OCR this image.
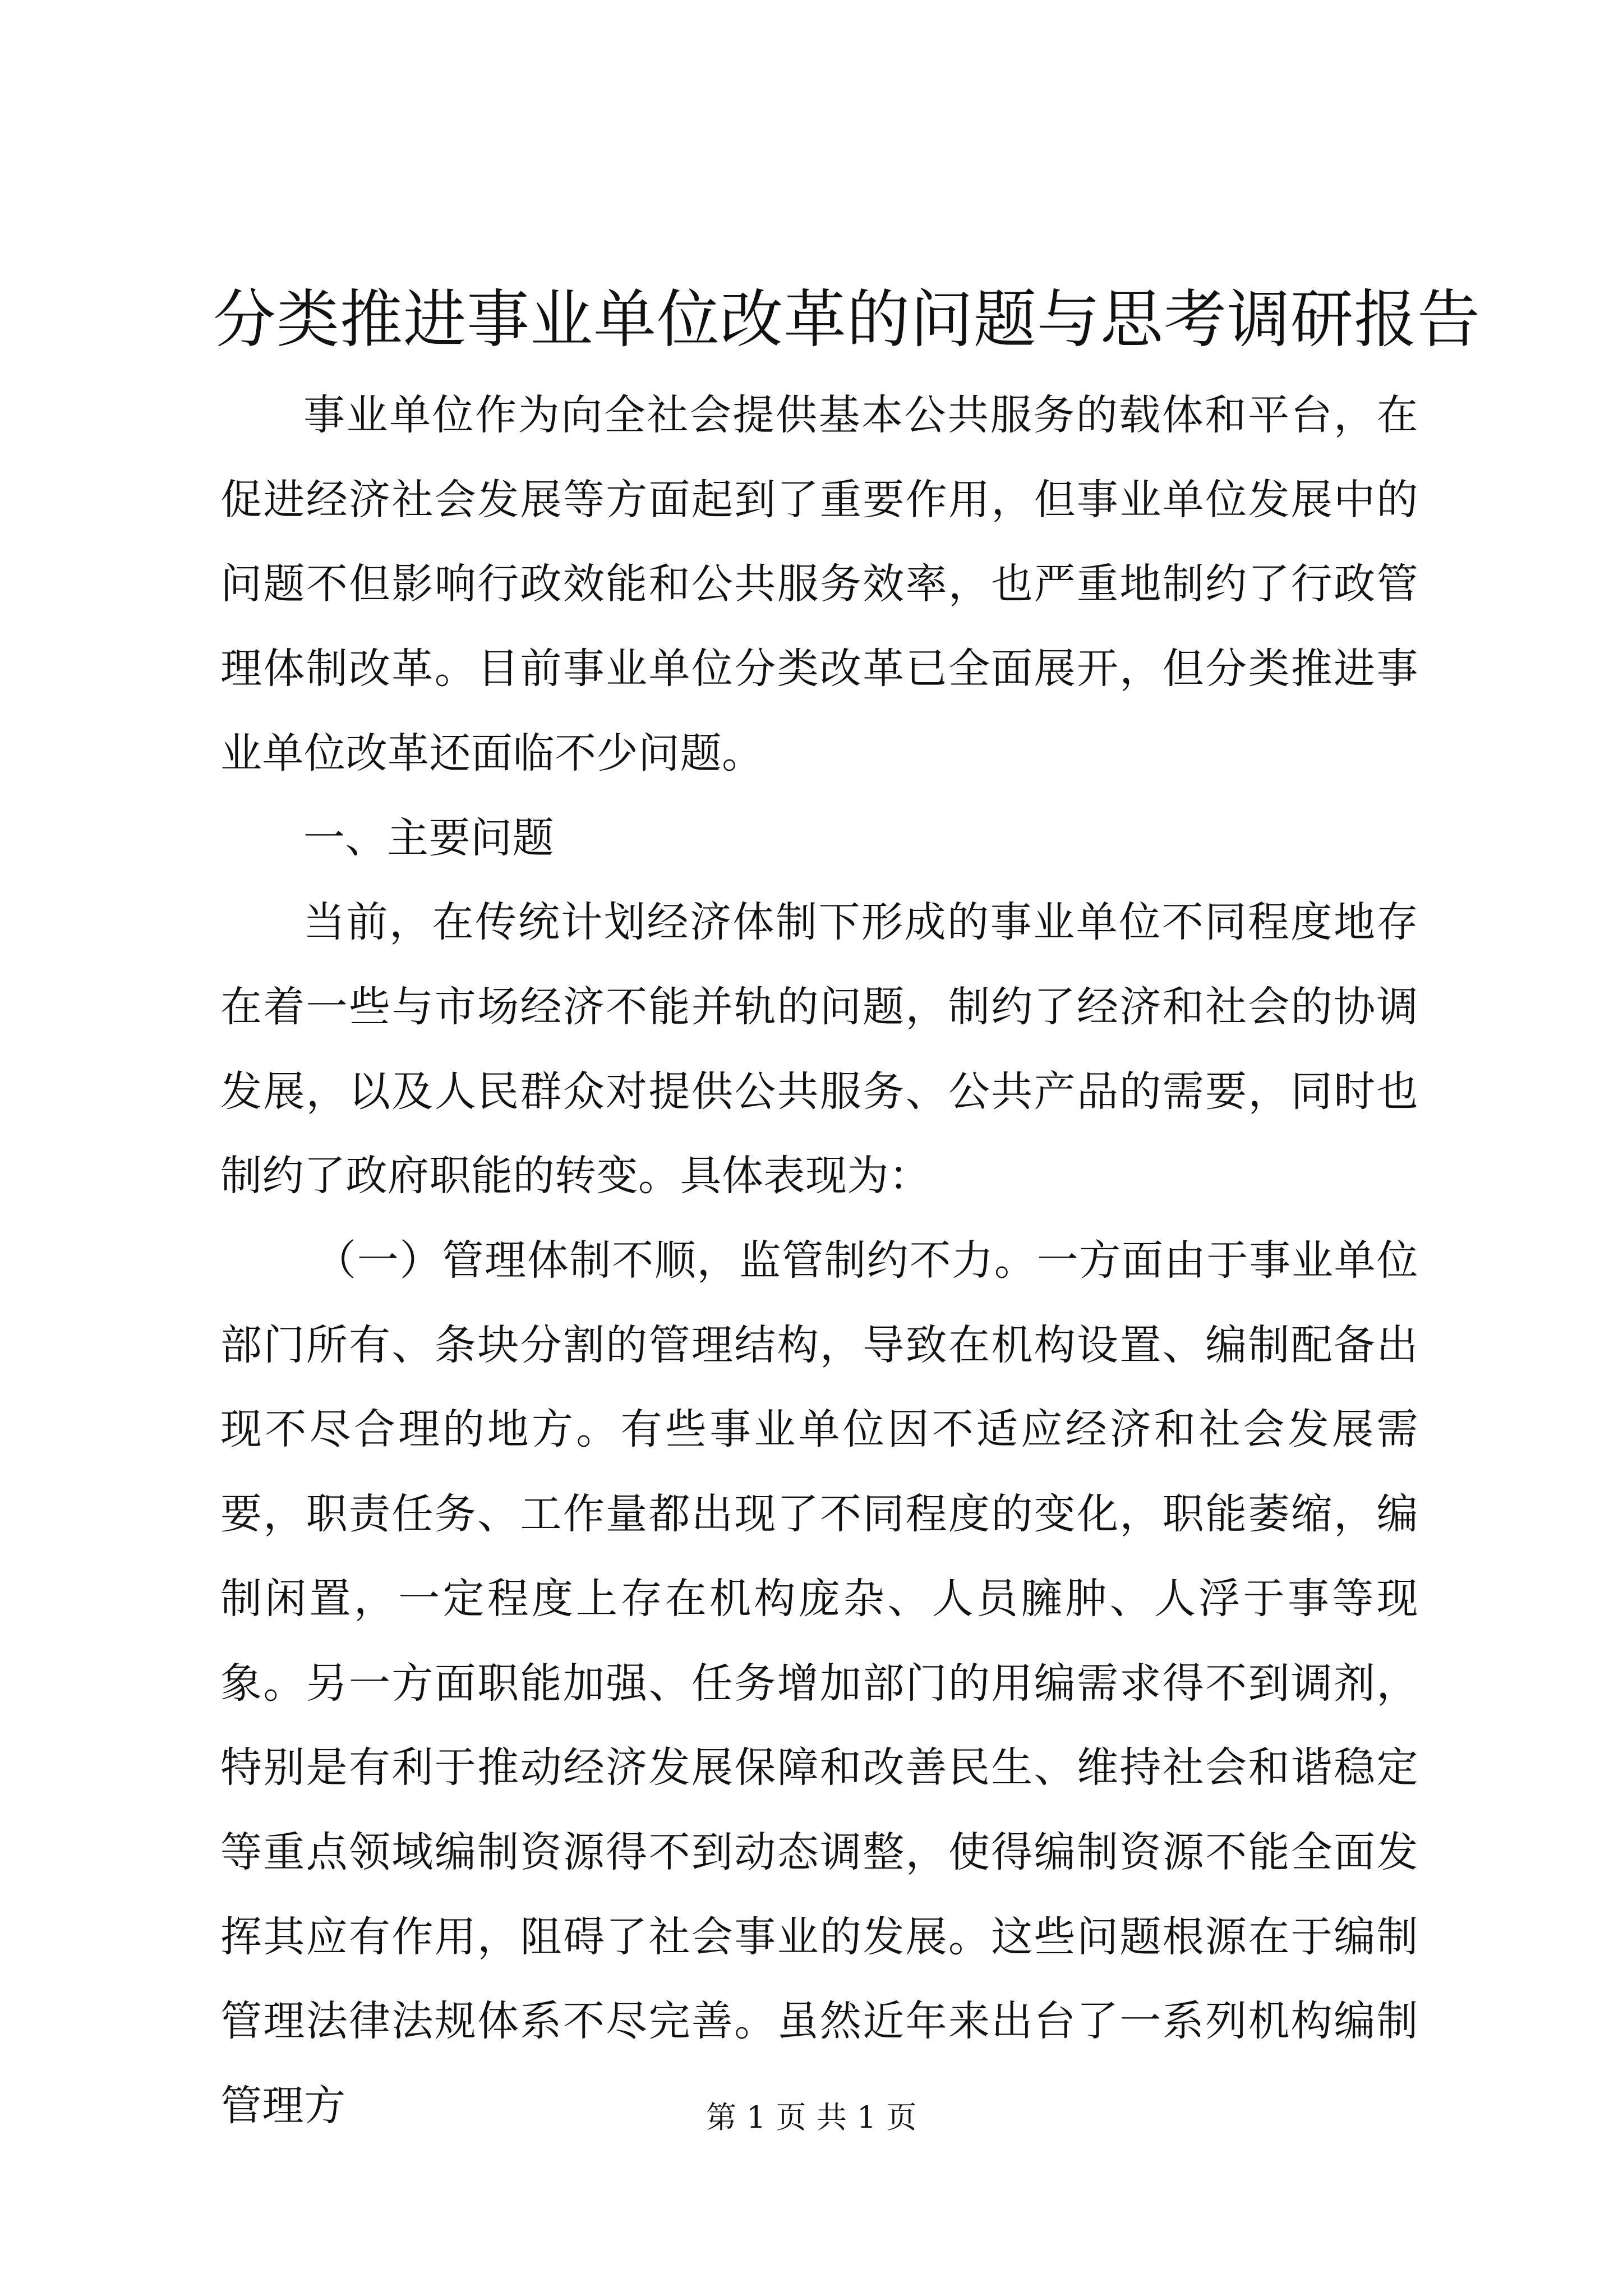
分类推进事业单位改革的问题与思考调研报告

事业单位作为向全社会提供基本公共服务的载体和平台，在促进经济社会发展等方面起到了重要作用，但事业单位发展中的问题不但影响行政效能和公共服务效率，也严重地制约了行政管理体制改革。目前事业单位分类改革已全面展开，但分类推进事业单位改革还面临不少问题。

一、主要问题

当前，在传统计划经济体制下形成的事业单位不同程度地存在着一些与市场经济不能并轨的问题，制约了经济和社会的协调发展，以及人民群众对提供公共服务、公共产品的需要，同时也制约了政府职能的转变。具体表现为：

（一）管理体制不顺，监管制约不力。一方面由于事业单位部门所有、条块分割的管理结构，导致在机构设置、编制配备出现不尽合理的地方。有些事业单位因不适应经济和社会发展需要，职责任务、工作量都出现了不同程度的变化，职能萎缩，编制闲置，一定程度上存在机构庞杂、人员臃肿、人浮于事等现象。另一方面职能加强、任务增加部门的用编需求得不到调剂，特别是有利于推动经济发展保障和改善民生、维持社会和谐稳定等重点领域编制资源得不到动态调整，使得编制资源不能全面发挥其应有作用，阻碍了社会事业的发展。这些问题根源在于编制管理法律法规体系不尽完善。虽然近年来出台了一系列机构编制管理方	第 1 页 共 1 页
